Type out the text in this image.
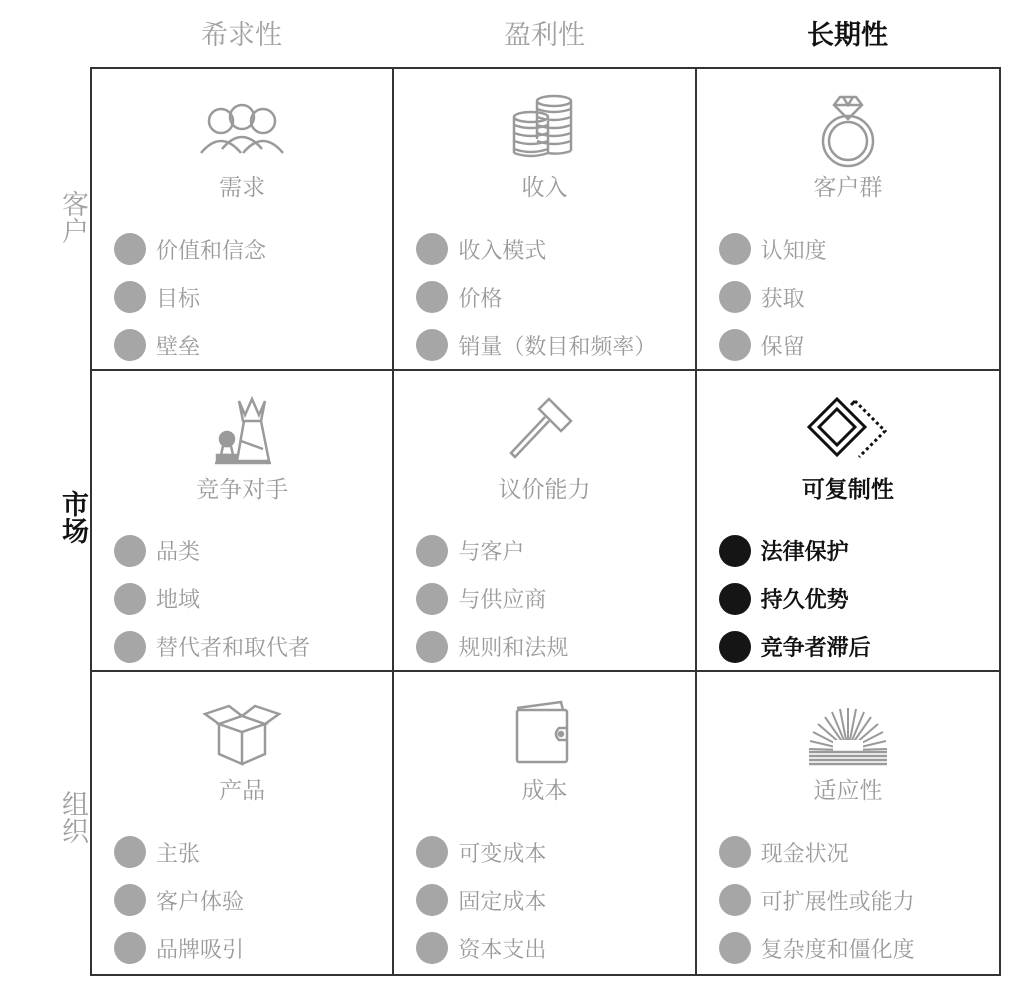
希求性	盈利性	长期性
客户
市场
组织
需求
价值和信念
目标
壁垒
收入
收入模式
价格
销量（数目和频率）
客户群
认知度
获取
保留
竞争对手
品类
地域
替代者和取代者
议价能力
与客户
与供应商
规则和法规
可复制性
法律保护
持久优势
竞争者滞后
产品
主张
客户体验
品牌吸引
成本
可变成本
固定成本
资本支出
适应性
现金状况
可扩展性或能力
复杂度和僵化度
